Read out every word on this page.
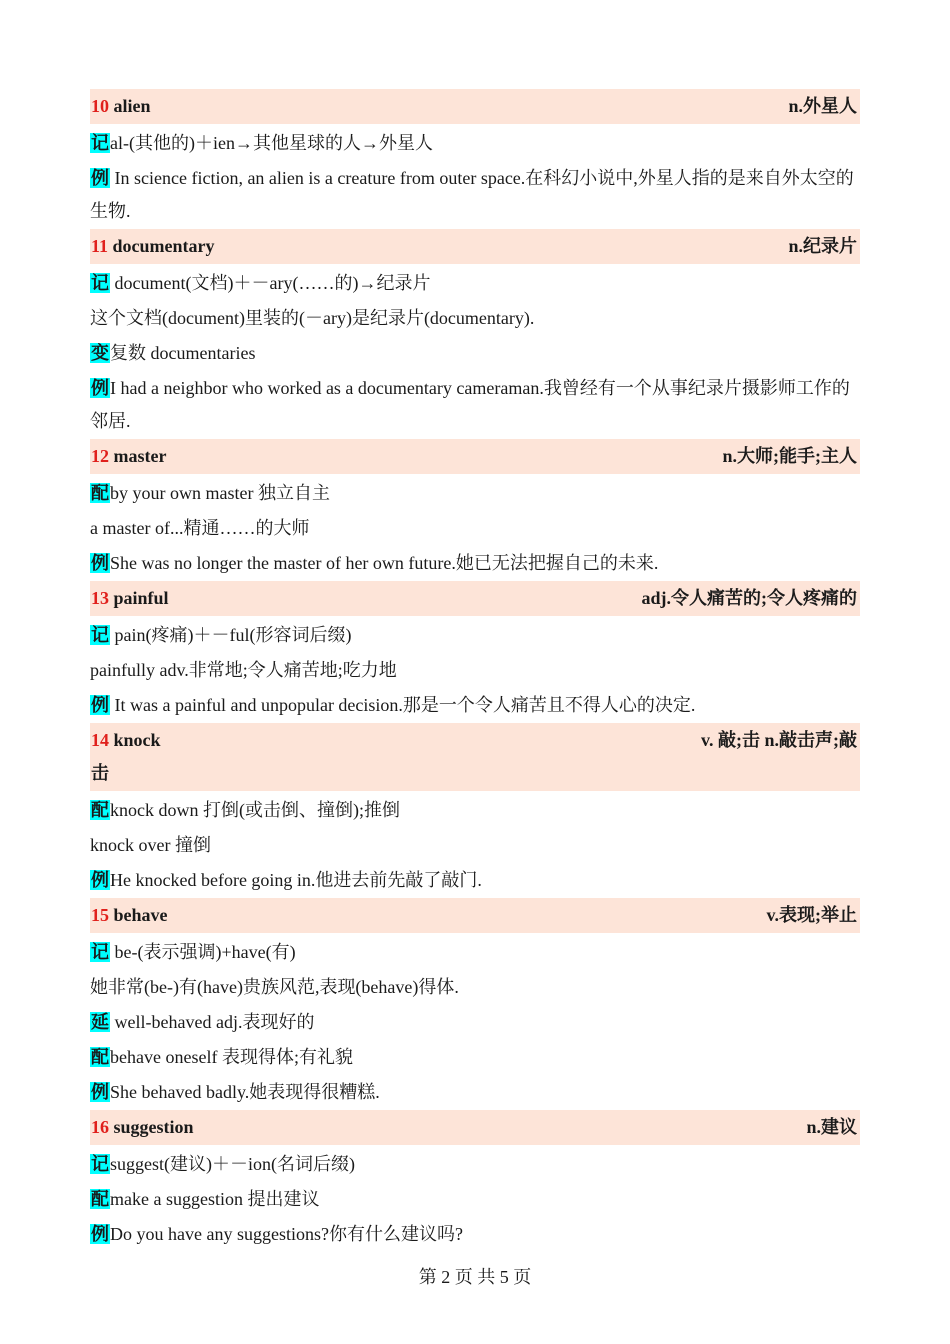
10 alien	n.外星人
记al-(其他的)＋ien→其他星球的人→外星人
例 In science fiction, an alien is a creature from outer space.在科幻小说中,外星人指的是来自外太空的生物.
11 documentary	n.纪录片
记 document(文档)＋－ary(……的)→纪录片
这个文档(document)里装的(－ary)是纪录片(documentary).
变复数 documentaries
例I had a neighbor who worked as a documentary cameraman.我曾经有一个从事纪录片摄影师工作的邻居.
12 master	n.大师;能手;主人
配by your own master 独立自主
a master of...精通……的大师
例She was no longer the master of her own future.她已无法把握自己的未来.
13 painful	adj.令人痛苦的;令人疼痛的
记 pain(疼痛)＋－ful(形容词后缀)
painfully adv.非常地;令人痛苦地;吃力地
例 It was a painful and unpopular decision.那是一个令人痛苦且不得人心的决定.
14 knock	v. 敲;击 n.敲击声;敲
击
配knock down 打倒(或击倒、撞倒);推倒
knock over 撞倒
例He knocked before going in.他进去前先敲了敲门.
15 behave	v.表现;举止
记 be-(表示强调)+have(有)
她非常(be-)有(have)贵族风范,表现(behave)得体.
延 well-behaved adj.表现好的
配behave oneself 表现得体;有礼貌
例She behaved badly.她表现得很糟糕.
16 suggestion	n.建议
记suggest(建议)＋－ion(名词后缀)
配make a suggestion 提出建议
例Do you have any suggestions?你有什么建议吗?
第 2 页 共 5 页
